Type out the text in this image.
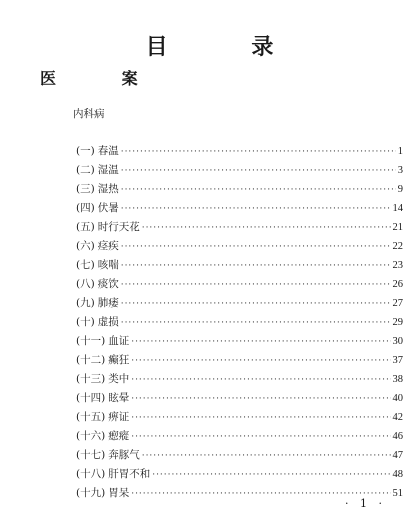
目 录
医 案
内科病
(一) 春温 ·····	1
(二) 湿温 ·····	3
(三) 湿热 ·····	9
(四) 伏暑 ·····	14
(五) 时行天花 ·····	21
(六) 痉疾 ·····	22
(七) 咳喘 ·····	23
(八) 痰饮 ·····	26
(九) 肺痿 ·····	27
(十) 虚损 ·····	29
(十一) 血证 ·····	30
(十二) 癫狂 ·····	37
(十三) 类中 ·····	38
(十四) 眩晕 ·····	40
(十五) 痹证 ·····	42
(十六) 瘛瘲 ·····	46
(十七) 奔豚气 ·····	47
(十八) 肝胃不和 ·····	48
(十九) 胃呆 ·····	51
· 1 ·
